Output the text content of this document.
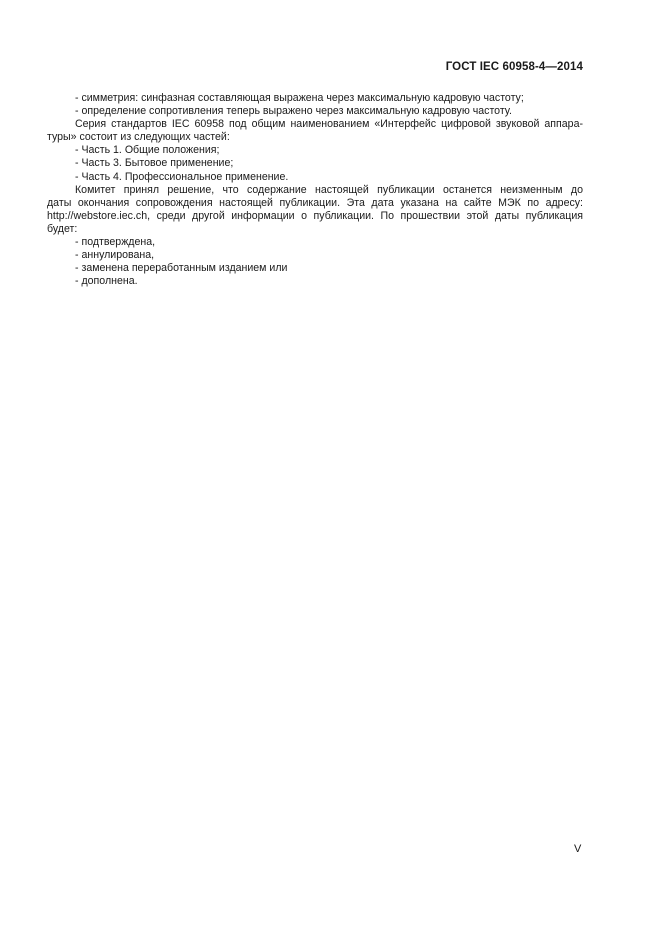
ГОСТ IEC 60958-4—2014
- симметрия: синфазная составляющая выражена через максимальную кадровую частоту;
- определение сопротивления теперь выражено через максимальную кадровую частоту.
Серия стандартов IEC 60958 под общим наименованием «Интерфейс цифровой звуковой аппара-
туры» состоит из следующих частей:
- Часть 1. Общие положения;
- Часть 3. Бытовое применение;
- Часть 4. Профессиональное применение.
Комитет принял решение, что содержание настоящей публикации останется неизменным до
даты окончания сопровождения настоящей публикации. Эта дата указана на сайте МЭК по адресу:
http://webstore.iec.ch, среди другой информации о публикации. По прошествии этой даты публикация
будет:
- подтверждена,
- аннулирована,
- заменена переработанным изданием или
- дополнена.
V
